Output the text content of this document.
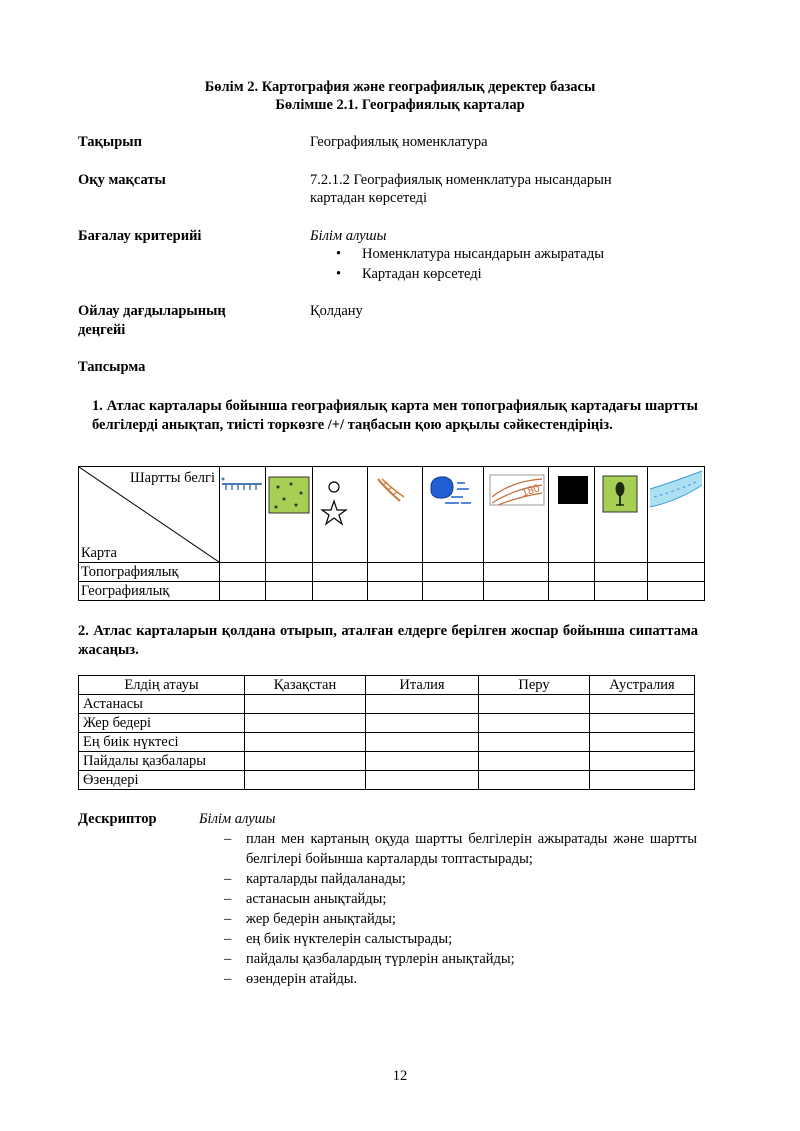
Бөлім 2. Картография және географиялық деректер базасы
Бөлімше 2.1. Географиялық карталар
Тақырып	Географиялық номенклатура
Оқу мақсаты	7.2.1.2 Географиялық номенклатура нысандарын
картадан көрсетеді
Бағалау критерийі	Білім алушы
• Номенклатура нысандарын ажыратады
• Картадан көрсетеді
Ойлау дағдыларының
деңгейі
Қолдану
Тапсырма
1. Атлас карталары бойынша географиялық карта мен топографиялық картадағы шартты белгілерді анықтап, тиісті торкөзге /+/ таңбасын қою арқылы сәйкестендіріңіз.
Шартты белгі
Карта						180

Топографиялық									
Географиялық									
2. Атлас карталарын қолдана отырып, аталған елдерге берілген жоспар бойынша сипаттама жасаңыз.
Елдің атауы	Қазақстан	Италия	Перу	Аустралия
Астанасы				
Жер бедері				
Ең биік нүктесі				
Пайдалы қазбалары				
Өзендері				
Дескриптор	Білім алушы
– план мен картаның оқуда шартты белгілерін ажыратады және шартты белгілері бойынша карталарды топтастырады;
– карталарды пайдаланады;
– астанасын анықтайды;
– жер бедерін анықтайды;
– ең биік нүктелерін салыстырады;
– пайдалы қазбалардың түрлерін анықтайды;
– өзендерін атайды.
12
